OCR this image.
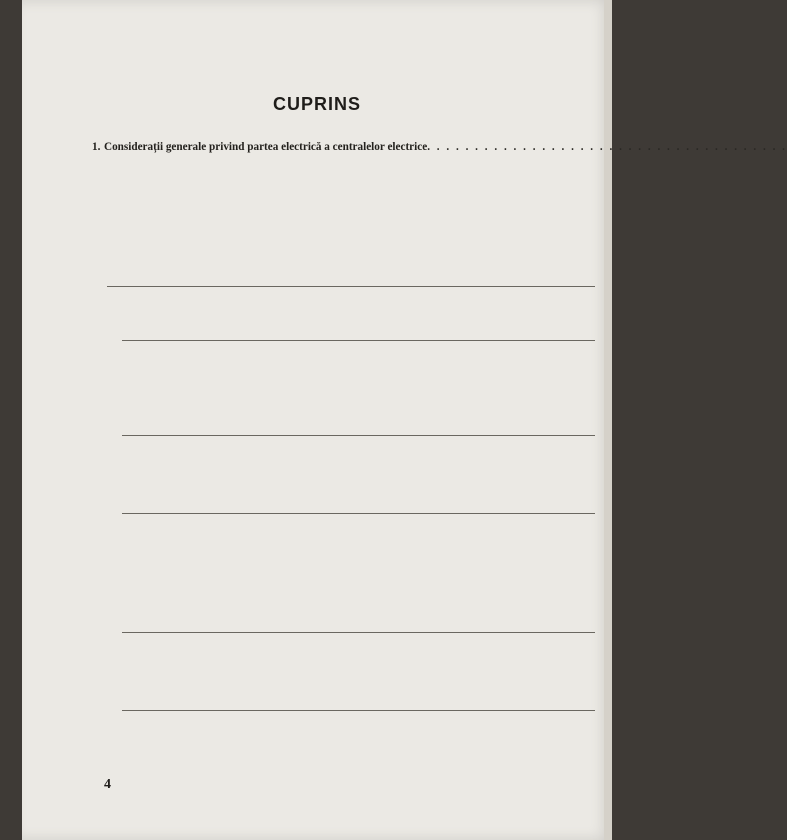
CUPRINS
1. Considerații generale privind partea electrică a centralelor electrice. . . . . . . . . . . . . . . . . . . . . . . . . . . . . . . . . . . . . .
4
